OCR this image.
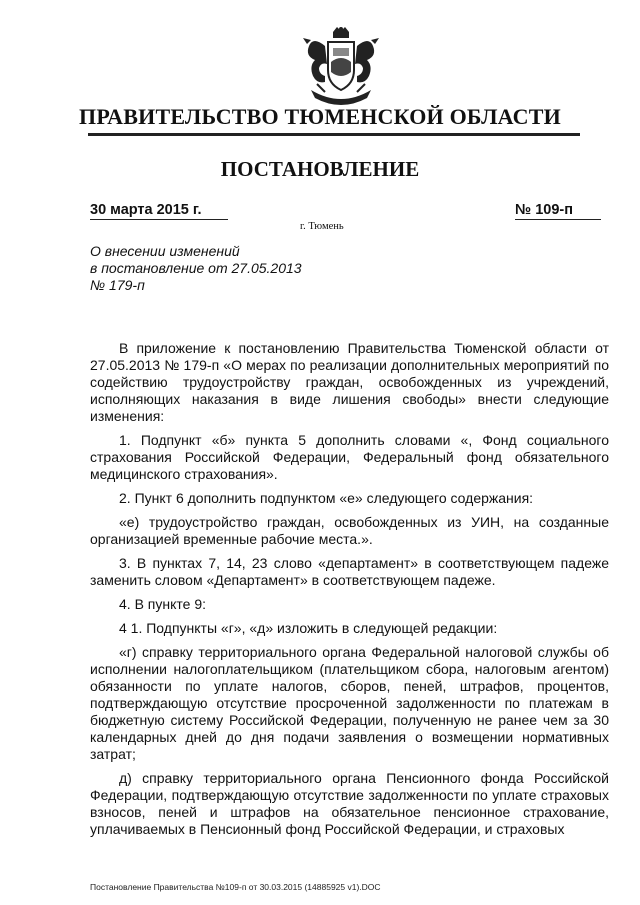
ПРАВИТЕЛЬСТВО ТЮМЕНСКОЙ ОБЛАСТИ
ПОСТАНОВЛЕНИЕ
30 марта 2015 г.	№ 109-п
г. Тюмень
О внесении изменений
в постановление от 27.05.2013
№ 179-п

В приложение к постановлению Правительства Тюменской области от 27.05.2013 № 179-п «О мерах по реализации дополнительных мероприятий по содействию трудоустройству граждан, освобожденных из учреждений, исполняющих наказания в виде лишения свободы» внести следующие изменения:

1. Подпункт «б» пункта 5 дополнить словами «, Фонд социального страхования Российской Федерации, Федеральный фонд обязательного медицинского страхования».

2. Пункт 6 дополнить подпунктом «е» следующего содержания:

«е) трудоустройство граждан, освобожденных из УИН, на созданные организацией временные рабочие места.».

3. В пунктах 7, 14, 23 слово «департамент» в соответствующем падеже заменить словом «Департамент» в соответствующем падеже.

4. В пункте 9:

4 1. Подпункты «г», «д» изложить в следующей редакции:

«г) справку территориального органа Федеральной налоговой службы об исполнении налогоплательщиком (плательщиком сбора, налоговым агентом) обязанности по уплате налогов, сборов, пеней, штрафов, процентов, подтверждающую отсутствие просроченной задолженности по платежам в бюджетную систему Российской Федерации, полученную не ранее чем за 30 календарных дней до дня подачи заявления о возмещении нормативных затрат;

д) справку территориального органа Пенсионного фонда Российской Федерации, подтверждающую отсутствие задолженности по уплате страховых взносов, пеней и штрафов на обязательное пенсионное страхование, уплачиваемых в Пенсионный фонд Российской Федерации, и страховых

Постановление Правительства №109-п от 30.03.2015 (14885925 v1).DOC
